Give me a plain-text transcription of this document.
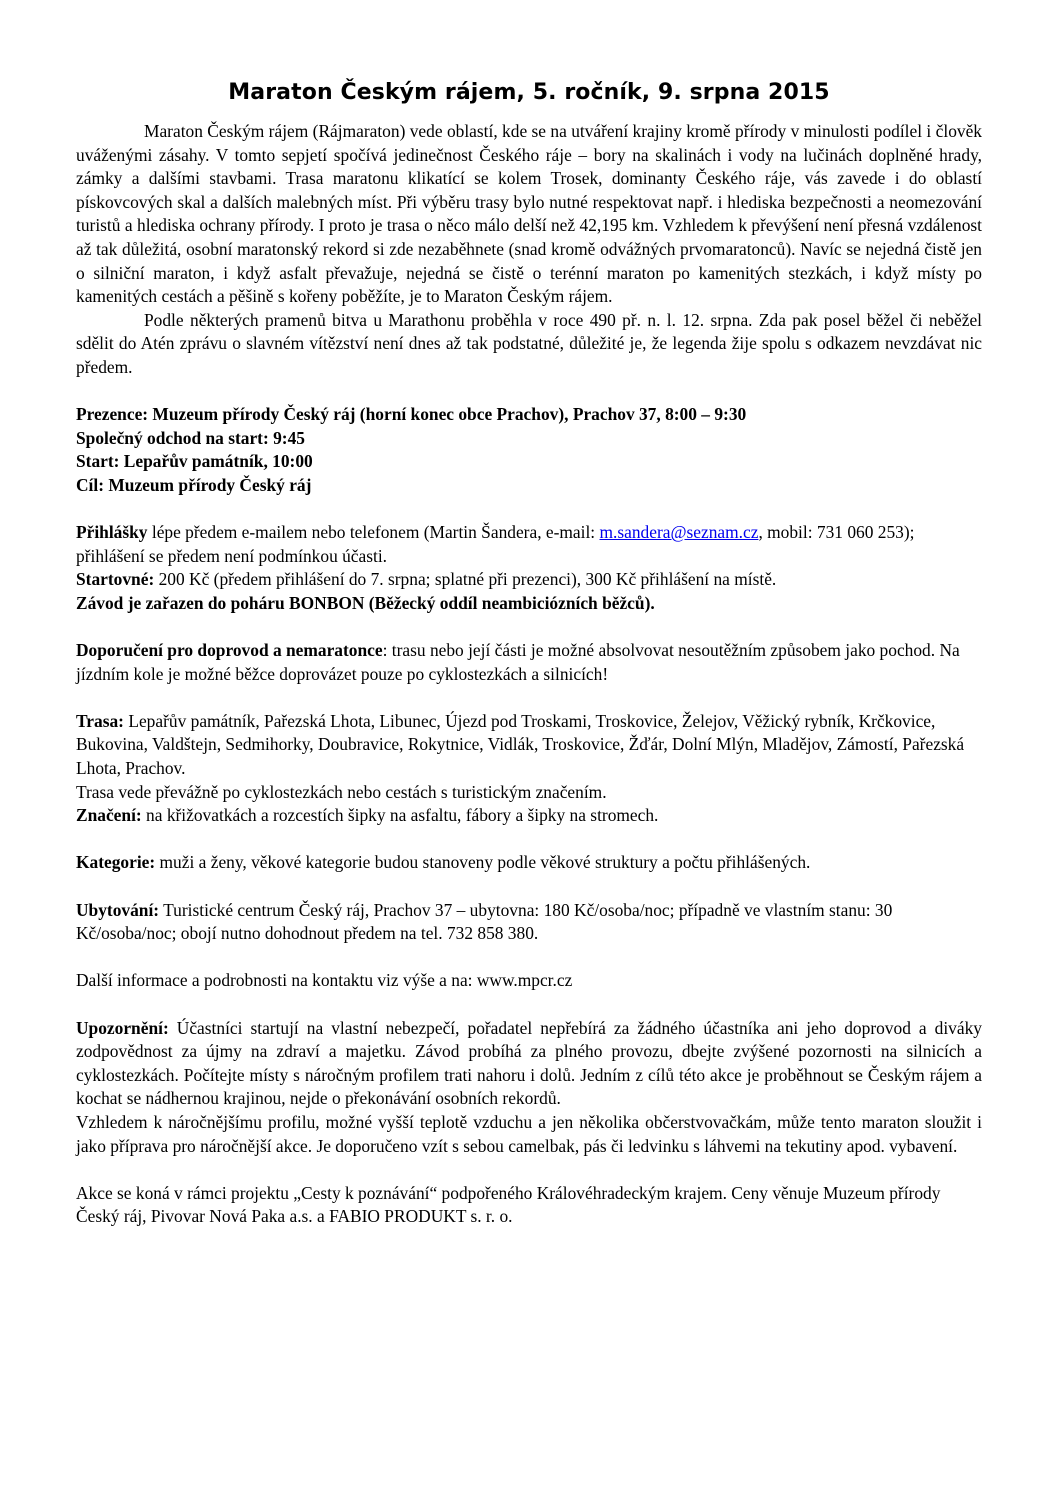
Maraton Českým rájem, 5. ročník, 9. srpna 2015

Maraton Českým rájem (Rájmaraton) vede oblastí, kde se na utváření krajiny kromě přírody v minulosti podílel i člověk uváženými zásahy. V tomto sepjetí spočívá jedinečnost Českého ráje – bory na skalinách i vody na lučinách doplněné hrady, zámky a dalšími stavbami. Trasa maratonu klikatící se kolem Trosek, dominanty Českého ráje, vás zavede i do oblastí pískovcových skal a dalších malebných míst. Při výběru trasy bylo nutné respektovat např. i hlediska bezpečnosti a neomezování turistů a hlediska ochrany přírody. I proto je trasa o něco málo delší než 42,195 km. Vzhledem k převýšení není přesná vzdálenost až tak důležitá, osobní maratonský rekord si zde nezaběhnete (snad kromě odvážných prvomaratonců). Navíc se nejedná čistě jen o silniční maraton, i když asfalt převažuje, nejedná se čistě o terénní maraton po kamenitých stezkách, i když místy po kamenitých cestách a pěšině s kořeny poběžíte, je to Maraton Českým rájem.

Podle některých pramenů bitva u Marathonu proběhla v roce 490 př. n. l. 12. srpna. Zda pak posel běžel či neběžel sdělit do Atén zprávu o slavném vítězství není dnes až tak podstatné, důležité je, že legenda žije spolu s odkazem nevzdávat nic předem.

Prezence: Muzeum přírody Český ráj (horní konec obce Prachov), Prachov 37, 8:00 – 9:30

Společný odchod na start: 9:45

Start: Lepařův památník, 10:00

Cíl: Muzeum přírody Český ráj

Přihlášky lépe předem e-mailem nebo telefonem (Martin Šandera, e-mail: m.sandera@seznam.cz, mobil: 731 060 253); přihlášení se předem není podmínkou účasti.

Startovné: 200 Kč (předem přihlášení do 7. srpna; splatné při prezenci), 300 Kč přihlášení na místě.

Závod je zařazen do poháru BONBON (Běžecký oddíl neambiciózních běžců).

Doporučení pro doprovod a nemaratonce: trasu nebo její části je možné absolvovat nesoutěžním způsobem jako pochod. Na jízdním kole je možné běžce doprovázet pouze po cyklostezkách a silnicích!

Trasa: Lepařův památník, Pařezská Lhota, Libunec, Újezd pod Troskami, Troskovice, Želejov, Věžický rybník, Krčkovice, Bukovina, Valdštejn, Sedmihorky, Doubravice, Rokytnice, Vidlák, Troskovice, Žďár, Dolní Mlýn, Mladějov, Zámostí, Pařezská Lhota, Prachov.

Trasa vede převážně po cyklostezkách nebo cestách s turistickým značením.

Značení: na křižovatkách a rozcestích šipky na asfaltu, fábory a šipky na stromech.

Kategorie: muži a ženy, věkové kategorie budou stanoveny podle věkové struktury a počtu přihlášených.

Ubytování: Turistické centrum Český ráj, Prachov 37 – ubytovna: 180 Kč/osoba/noc; případně ve vlastním stanu: 30 Kč/osoba/noc; obojí nutno dohodnout předem na tel. 732 858 380.

Další informace a podrobnosti na kontaktu viz výše a na: www.mpcr.cz

Upozornění: Účastníci startují na vlastní nebezpečí, pořadatel nepřebírá za žádného účastníka ani jeho doprovod a diváky zodpovědnost za újmy na zdraví a majetku. Závod probíhá za plného provozu, dbejte zvýšené pozornosti na silnicích a cyklostezkách. Počítejte místy s náročným profilem trati nahoru i dolů. Jedním z cílů této akce je proběhnout se Českým rájem a kochat se nádhernou krajinou, nejde o překonávání osobních rekordů.

Vzhledem k náročnějšímu profilu, možné vyšší teplotě vzduchu a jen několika občerstvovačkám, může tento maraton sloužit i jako příprava pro náročnější akce. Je doporučeno vzít s sebou camelbak, pás či ledvinku s láhvemi na tekutiny apod. vybavení.

Akce se koná v rámci projektu „Cesty k poznávání“ podpořeného Královéhradeckým krajem. Ceny věnuje Muzeum přírody Český ráj, Pivovar Nová Paka a.s. a FABIO PRODUKT s. r. o.
